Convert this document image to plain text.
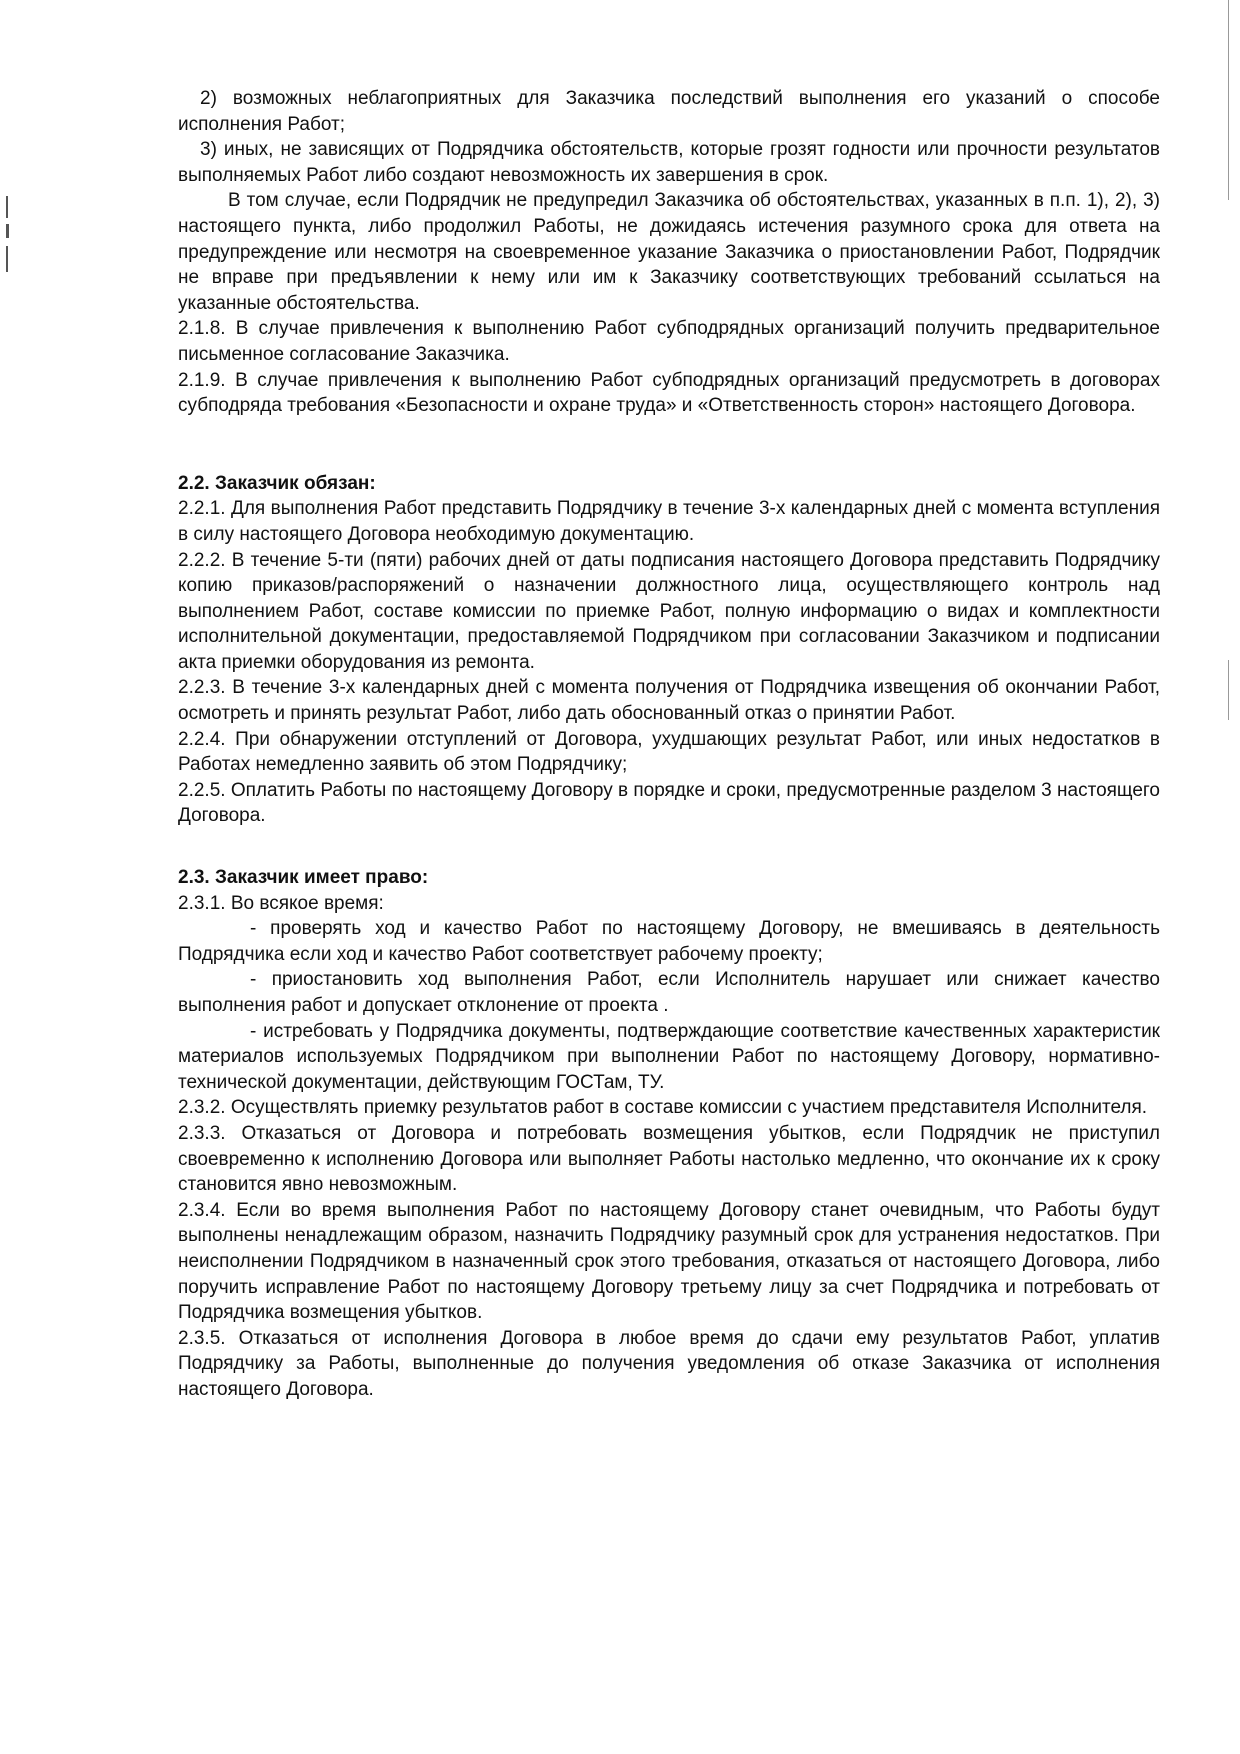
2) возможных неблагоприятных для Заказчика последствий выполнения его указаний о способе исполнения Работ;

3) иных, не зависящих от Подрядчика обстоятельств, которые грозят годности или прочности результатов выполняемых Работ либо создают невозможность их завершения в срок.

В том случае, если Подрядчик не предупредил Заказчика об обстоятельствах, указанных в п.п. 1), 2), 3) настоящего пункта, либо продолжил Работы, не дожидаясь истечения разумного срока для ответа на предупреждение или несмотря на своевременное указание Заказчика о приостановлении Работ, Подрядчик не вправе при предъявлении к нему или им к Заказчику соответствующих требований ссылаться на указанные обстоятельства.

2.1.8. В случае привлечения к выполнению Работ субподрядных организаций получить предварительное письменное согласование Заказчика.

2.1.9. В случае привлечения к выполнению Работ субподрядных организаций предусмотреть в договорах субподряда требования «Безопасности и охране труда» и «Ответственность сторон» настоящего Договора.

2.2. Заказчик обязан:

2.2.1. Для выполнения Работ представить Подрядчику в течение 3-х календарных дней с момента вступления в силу настоящего Договора необходимую документацию.

2.2.2. В течение 5-ти (пяти) рабочих дней от даты подписания настоящего Договора представить Подрядчику копию приказов/распоряжений о назначении должностного лица, осуществляющего контроль над выполнением Работ, составе комиссии по приемке Работ, полную информацию о видах и комплектности исполнительной документации, предоставляемой Подрядчиком при согласовании Заказчиком и подписании акта приемки оборудования из ремонта.

2.2.3. В течение 3-х календарных дней с момента получения от Подрядчика извещения об окончании Работ, осмотреть и принять результат Работ, либо дать обоснованный отказ о принятии Работ.

2.2.4. При обнаружении отступлений от Договора, ухудшающих результат Работ, или иных недостатков в Работах немедленно заявить об этом Подрядчику;

2.2.5. Оплатить Работы по настоящему Договору в порядке и сроки, предусмотренные разделом 3 настоящего Договора.

2.3. Заказчик имеет право:

2.3.1. Во всякое время:

- проверять ход и качество Работ по настоящему Договору, не вмешиваясь в деятельность Подрядчика если ход и качество Работ соответствует рабочему проекту;

- приостановить ход выполнения Работ, если Исполнитель нарушает или снижает качество выполнения работ и допускает отклонение от проекта .

- истребовать у Подрядчика документы, подтверждающие соответствие качественных характеристик материалов используемых Подрядчиком при выполнении Работ по настоящему Договору, нормативно-технической документации, действующим ГОСТам, ТУ.

2.3.2. Осуществлять приемку результатов работ в составе комиссии с участием представителя Исполнителя.

2.3.3. Отказаться от Договора и потребовать возмещения убытков, если Подрядчик не приступил своевременно к исполнению Договора или выполняет Работы настолько медленно, что окончание их к сроку становится явно невозможным.

2.3.4. Если во время выполнения Работ по настоящему Договору станет очевидным, что Работы будут выполнены ненадлежащим образом, назначить Подрядчику разумный срок для устранения недостатков. При неисполнении Подрядчиком в назначенный срок этого требования, отказаться от настоящего Договора, либо поручить исправление Работ по настоящему Договору третьему лицу за счет Подрядчика и потребовать от Подрядчика возмещения убытков.

2.3.5. Отказаться от исполнения Договора в любое время до сдачи ему результатов Работ, уплатив Подрядчику за Работы, выполненные до получения уведомления об отказе Заказчика от исполнения настоящего Договора.
